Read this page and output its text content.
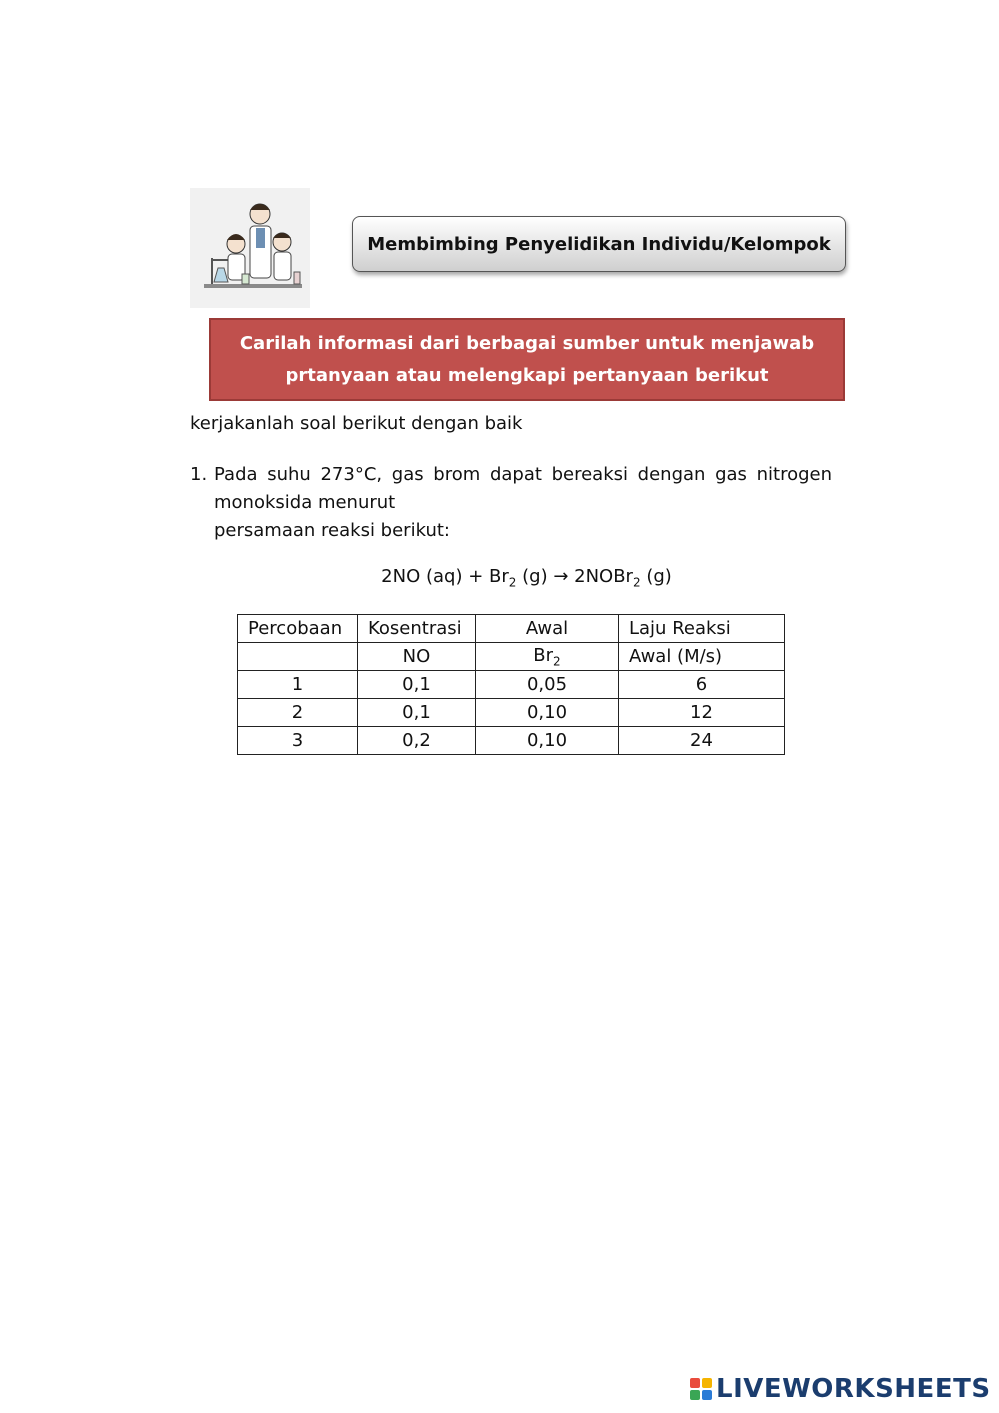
Membimbing Penyelidikan Individu/Kelompok
Carilah informasi dari berbagai sumber untuk menjawab
prtanyaan atau melengkapi pertanyaan berikut
kerjakanlah soal berikut dengan baik
1. Pada suhu 273°C, gas brom dapat bereaksi dengan gas nitrogen
monoksida menurut
persamaan reaksi berikut:
2NO $(aq) + Br_2$ (g) → 2NOBr$_2$ (g)
Percobaan	Kosentrasi	Awal	Laju Reaksi
	NO	$Br_2$	Awal (M/s)
1	0,1	0,05	6
2	0,1	0,10	12
3	0,2	0,10	24
LIVEWORKSHEETS
